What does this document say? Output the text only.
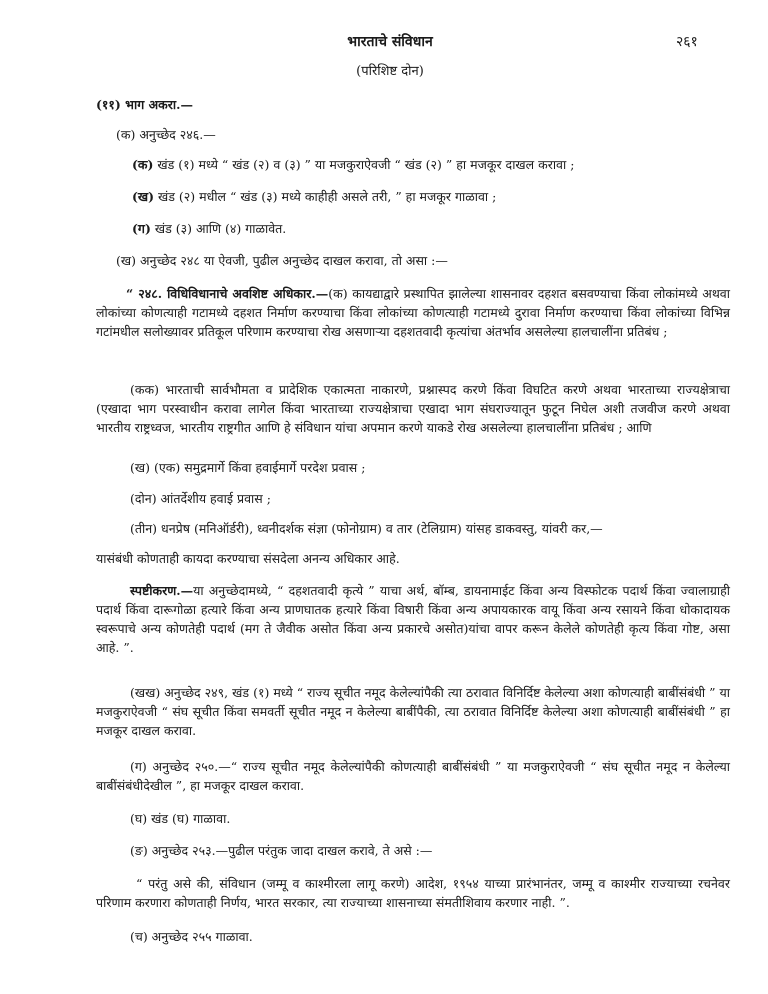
भारताचे संविधान	२६१
(परिशिष्ट दोन)
(११) भाग अकरा.—
(क) अनुच्छेद २४६.—
(क) खंड (१) मध्ये “ खंड (२) व (३) ” या मजकुराऐवजी “ खंड (२) ” हा मजकूर दाखल करावा ;
(ख) खंड (२) मधील “ खंड (३) मध्ये काहीही असले तरी, ” हा मजकूर गाळावा ;
(ग) खंड (३) आणि (४) गाळावेत.
(ख) अनुच्छेद २४८ या ऐवजी, पुढील अनुच्छेद दाखल करावा, तो असा :—
“ २४८. विधिविधानाचे अवशिष्ट अधिकार.—(क) कायद्याद्वारे प्रस्थापित झालेल्या शासनावर दहशत बसवण्याचा किंवा लोकांमध्ये अथवा लोकांच्या कोणत्याही गटामध्ये दहशत निर्माण करण्याचा किंवा लोकांच्या कोणत्याही गटामध्ये दुरावा निर्माण करण्याचा किंवा लोकांच्या विभिन्न गटांमधील सलोख्यावर प्रतिकूल परिणाम करण्याचा रोख असणाऱ्या दहशतवादी कृत्यांचा अंतर्भाव असलेल्या हालचालींना प्रतिबंध ;
(कक) भारताची सार्वभौमता व प्रादेशिक एकात्मता नाकारणे, प्रश्नास्पद करणे किंवा विघटित करणे अथवा भारताच्या राज्यक्षेत्राचा (एखादा भाग परस्वाधीन करावा लागेल किंवा भारताच्या राज्यक्षेत्राचा एखादा भाग संघराज्यातून फुटून निघेल अशी तजवीज करणे अथवा भारतीय राष्ट्रध्वज, भारतीय राष्ट्रगीत आणि हे संविधान यांचा अपमान करणे याकडे रोख असलेल्या हालचालींना प्रतिबंध ; आणि
(ख) (एक) समुद्रमार्गे किंवा हवाईमार्गे परदेश प्रवास ;
(दोन) आंतर्देशीय हवाई प्रवास ;
(तीन) धनप्रेष (मनिऑर्डरी), ध्वनीदर्शक संज्ञा (फोनोग्राम) व तार (टेलिग्राम) यांसह डाकवस्तु, यांवरी कर,—
यासंबंधी कोणताही कायदा करण्याचा संसदेला अनन्य अधिकार आहे.
स्पष्टीकरण.—या अनुच्छेदामध्ये, “ दहशतवादी कृत्ये ” याचा अर्थ, बॉम्ब, डायनामाईट किंवा अन्य विस्फोटक पदार्थ किंवा ज्वालाग्राही पदार्थ किंवा दारूगोळा हत्यारे किंवा अन्य प्राणघातक हत्यारे किंवा विषारी किंवा अन्य अपायकारक वायू किंवा अन्य रसायने किंवा धोकादायक स्वरूपाचे अन्य कोणतेही पदार्थ (मग ते जैवीक असोत किंवा अन्य प्रकारचे असोत)यांचा वापर करून केलेले कोणतेही कृत्य किंवा गोष्ट, असा आहे. ”.
(खख) अनुच्छेद २४९, खंड (१) मध्ये “ राज्य सूचीत नमूद केलेल्यांपैकी त्या ठरावात विनिर्दिष्ट केलेल्या अशा कोणत्याही बाबींसंबंधी ” या मजकुराऐवजी “ संघ सूचीत किंवा समवर्ती सूचीत नमूद न केलेल्या बाबींपैकी, त्या ठरावात विनिर्दिष्ट केलेल्या अशा कोणत्याही बाबींसंबंधी ” हा मजकूर दाखल करावा.
(ग) अनुच्छेद २५०.—“ राज्य सूचीत नमूद केलेल्यांपैकी कोणत्याही बाबींसंबंधी ” या मजकुराऐवजी “ संघ सूचीत नमूद न केलेल्या बाबींसंबंधीदेखील ”, हा मजकूर दाखल करावा.
(घ) खंड (घ) गाळावा.
(ङ) अनुच्छेद २५३.—पुढील परंतुक जादा दाखल करावे, ते असे :—
“ परंतु असे की, संविधान (जम्मू व काश्मीरला लागू करणे) आदेश, १९५४ याच्या प्रारंभानंतर, जम्मू व काश्मीर राज्याच्या रचनेवर परिणाम करणारा कोणताही निर्णय, भारत सरकार, त्या राज्याच्या शासनाच्या संमतीशिवाय करणार नाही. ”.
(च) अनुच्छेद २५५ गाळावा.
